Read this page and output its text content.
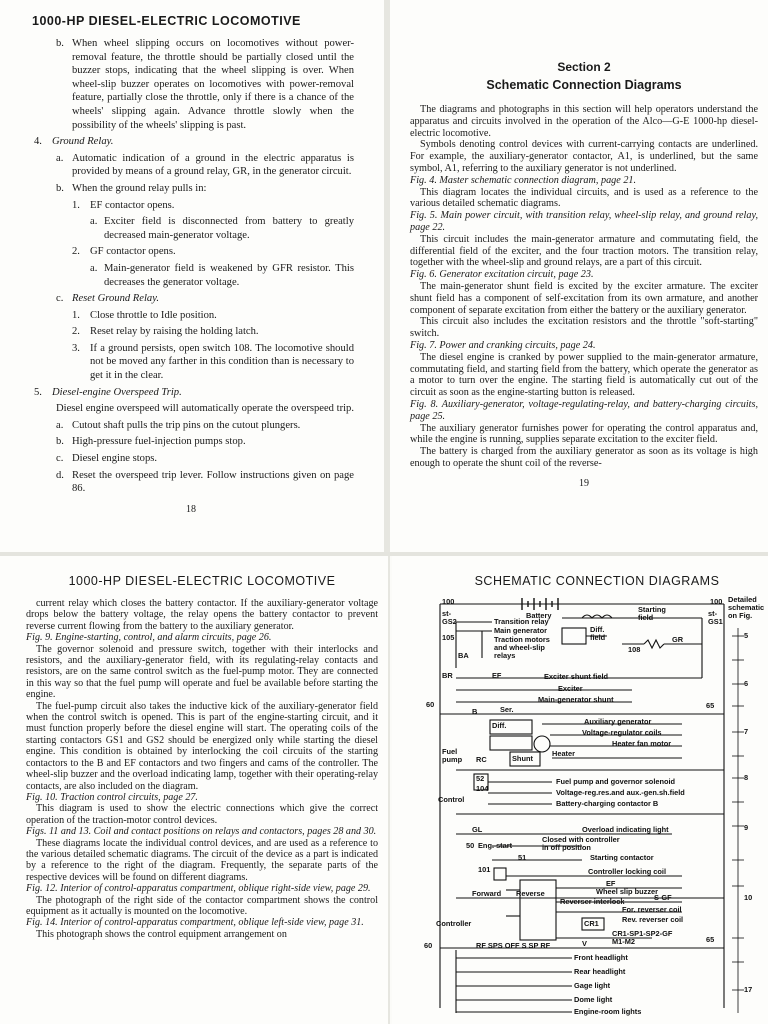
1000-HP DIESEL-ELECTRIC LOCOMOTIVE
b. When wheel slipping occurs on locomotives without power-removal feature, the throttle should be partially closed until the buzzer stops, indicating that the wheel slipping is over. When wheel-slip buzzer operates on locomotives with power-removal feature, partially close the throttle, only if there is a chance of the wheels' slipping again. Advance throttle slowly when the possibility of the wheels' slipping is past.
4. Ground Relay.
a. Automatic indication of a ground in the electric apparatus is provided by means of a ground relay, GR, in the generator circuit.
b. When the ground relay pulls in:
1. EF contactor opens.
a. Exciter field is disconnected from battery to greatly decreased main-generator voltage.
2. GF contactor opens.
a. Main-generator field is weakened by GFR resistor. This decreases the generator voltage.
c. Reset Ground Relay.
1. Close throttle to Idle position.
2. Reset relay by raising the holding latch.
3. If a ground persists, open switch 108. The locomotive should not be moved any farther in this condition than is necessary to get it in the clear.
5. Diesel-engine Overspeed Trip.
Diesel engine overspeed will automatically operate the overspeed trip.
a. Cutout shaft pulls the trip pins on the cutout plungers.
b. High-pressure fuel-injection pumps stop.
c. Diesel engine stops.
d. Reset the overspeed trip lever. Follow instructions given on page 86.
18
Section 2
Schematic Connection Diagrams

The diagrams and photographs in this section will help operators understand the apparatus and circuits involved in the operation of the Alco—G-E 1000-hp diesel-electric locomotive.

Symbols denoting control devices with current-carrying contacts are underlined. For example, the auxiliary-generator contactor, A1, is underlined, but the same symbol, A1, referring to the auxiliary generator is not underlined.

Fig. 4. Master schematic connection diagram, page 21.

This diagram locates the individual circuits, and is used as a reference to the various detailed schematic diagrams.

Fig. 5. Main power circuit, with transition relay, wheel-slip relay, and ground relay, page 22.

This circuit includes the main-generator armature and commutating field, the differential field of the exciter, and the four traction motors. The transition relay, together with the wheel-slip and ground relays, are a part of this circuit.

Fig. 6. Generator excitation circuit, page 23.

The main-generator shunt field is excited by the exciter armature. The exciter shunt field has a component of self-excitation from its own armature, and another component of separate excitation from either the battery or the auxiliary generator.

This circuit also includes the excitation resistors and the throttle "soft-starting" switch.

Fig. 7. Power and cranking circuits, page 24.

The diesel engine is cranked by power supplied to the main-generator armature, commutating field, and starting field from the battery, which operate the generator as a motor to turn over the engine. The starting field is automatically cut out of the circuit as soon as the engine-starting button is released.

Fig. 8. Auxiliary-generator, voltage-regulating-relay, and battery-charging circuits, page 25.

The auxiliary generator furnishes power for operating the control apparatus and, while the engine is running, supplies separate excitation to the exciter field.

The battery is charged from the auxiliary generator as soon as its voltage is high enough to operate the shunt coil of the reverse-

19
1000-HP DIESEL-ELECTRIC LOCOMOTIVE

current relay which closes the battery contactor. If the auxiliary-generator voltage drops below the battery voltage, the relay opens the battery contactor to prevent reverse current flowing from the battery to the auxiliary generator.

Fig. 9. Engine-starting, control, and alarm circuits, page 26.

The governor solenoid and pressure switch, together with their interlocks and resistors, and the auxiliary-generator field, with its regulating-relay contacts and resistors, are on the same control switch as the fuel-pump motor. They are connected in this way so that the fuel pump will operate and fuel be available before starting the engine.

The fuel-pump circuit also takes the inductive kick of the auxiliary-generator field when the control switch is opened. This is part of the engine-starting circuit, and it must function properly before the diesel engine will start. The operating coils of the starting contactors GS1 and GS2 should be energized only while starting the diesel engine. This condition is obtained by interlocking the coil circuits of the starting contactors to the B and EF contactors and two fingers and cams of the controller. The wheel-slip buzzer and the overload indicating lamp, together with their operating-relay contacts, are also included on the diagram.

Fig. 10. Traction control circuits, page 27.

This diagram is used to show the electric connections which give the correct operation of the traction-motor control devices.

Figs. 11 and 13. Coil and contact positions on relays and contactors, pages 28 and 30.

These diagrams locate the individual control devices, and are used as a reference to the various detailed schematic diagrams. The circuit of the device as a part is indicated by a reference to the right of the diagram. Frequently, the separate parts of the respective devices will be found on different diagrams.

Fig. 12. Interior of control-apparatus compartment, oblique right-side view, page 29.

The photograph of the right side of the contactor compartment shows the control equipment as it actually is mounted on the locomotive.

Fig. 14. Interior of control-apparatus compartment, oblique left-side view, page 31.

This photograph shows the control equipment arrangement on

SCHEMATIC CONNECTION DIAGRAMS
100
st-
GS2
105
BA
BR
60
60
Battery
Transition relay
Main generator
Traction motors
and wheel-slip
relays
Diff.
field
Starting
field
108
GR
100
st-
GS1
Detailed
schematic
on Fig.
5
6
7
8
9
10
17
65
65
EF	Exciter shunt field
Exciter
Main-generator shunt
Ser.
B
Diff.
Shunt
Auxiliary generator
Voltage-regulator coils
Heater
Heater fan motor
Fuel
pump RC
52
104
Control
Fuel pump and governor solenoid
Voltage-reg.res.and aux.-gen.sh.field
Battery-charging contactor B
GL
50 Eng. start
51
Overload indicating light
Closed with controller
in off position
Starting contactor
101	Controller locking coil
Forward Reverse
Controller
EF
Wheel slip buzzer
Reverser interlock	S-GF
For. reverser coil
Rev. reverser coil
CR1
CR1-SP1-SP2-GF
M1-M2
RF SPS OFF S SP RF	V
Front headlight
Rear headlight
Gage light
Dome light
Engine-room lights
